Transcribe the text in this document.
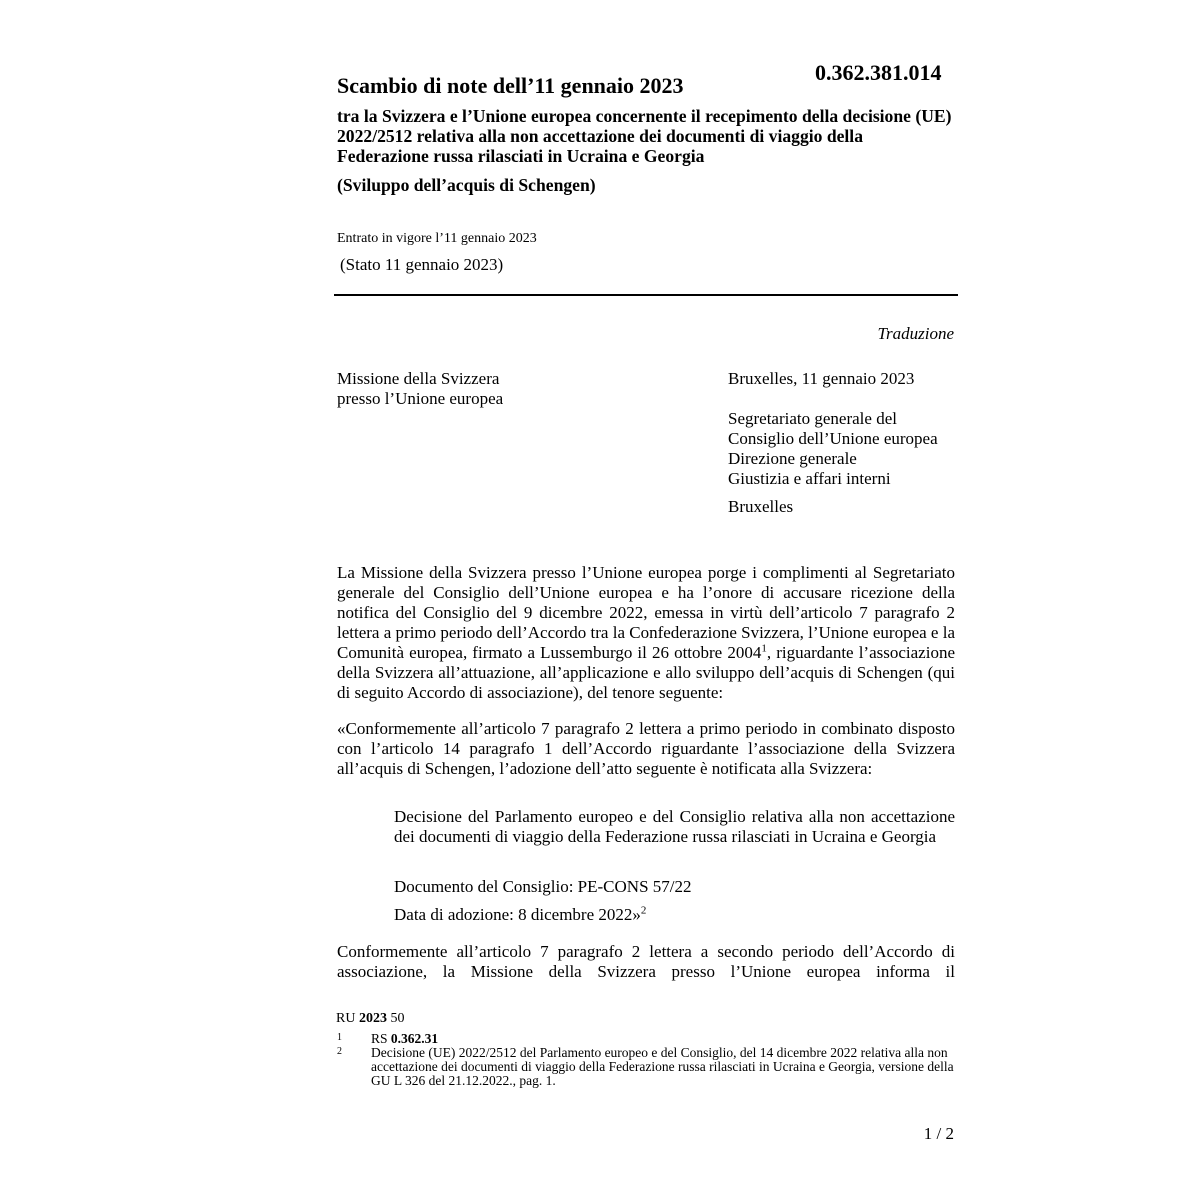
0.362.381.014
Scambio di note dell’11 gennaio 2023
tra la Svizzera e l’Unione europea concernente il recepimento della decisione (UE) 2022/2512 relativa alla non accettazione dei documenti di viaggio della Federazione russa rilasciati in Ucraina e Georgia
(Sviluppo dell’acquis di Schengen)
Entrato in vigore l’11 gennaio 2023
(Stato 11 gennaio 2023)
Traduzione
Missione della Svizzera
presso l’Unione europea
Bruxelles, 11 gennaio 2023
Segretariato generale del
Consiglio dell’Unione europea
Direzione generale
Giustizia e affari interni
Bruxelles
La Missione della Svizzera presso l’Unione europea porge i complimenti al Segretariato generale del Consiglio dell’Unione europea e ha l’onore di accusare ricezione della notifica del Consiglio del 9 dicembre 2022, emessa in virtù dell’articolo 7 paragrafo 2 lettera a primo periodo dell’Accordo tra la Confederazione Svizzera, l’Unione europea e la Comunità europea, firmato a Lussemburgo il 26 ottobre 2004$^1$, riguardante l’associazione della Svizzera all’attuazione, all’applicazione e allo sviluppo dell’acquis di Schengen (qui di seguito Accordo di associazione), del tenore seguente:
«Conformemente all’articolo 7 paragrafo 2 lettera a primo periodo in combinato disposto con l’articolo 14 paragrafo 1 dell’Accordo riguardante l’associazione della Svizzera all’acquis di Schengen, l’adozione dell’atto seguente è notificata alla Svizzera:
Decisione del Parlamento europeo e del Consiglio relativa alla non accettazione dei documenti di viaggio della Federazione russa rilasciati in Ucraina e Georgia
Documento del Consiglio: PE-CONS 57/22
Data di adozione: 8 dicembre 2022»$^2$
Conformemente all’articolo 7 paragrafo 2 lettera a secondo periodo dell’Accordo di associazione, la Missione della Svizzera presso l’Unione europea informa il
RU 2023 50
1	RS 0.362.31
2	Decisione (UE) 2022/2512 del Parlamento europeo e del Consiglio, del 14 dicembre 2022 relativa alla non accettazione dei documenti di viaggio della Federazione russa rilasciati in Ucraina e Georgia, versione della GU L 326 del 21.12.2022., pag. 1.
1 / 2
